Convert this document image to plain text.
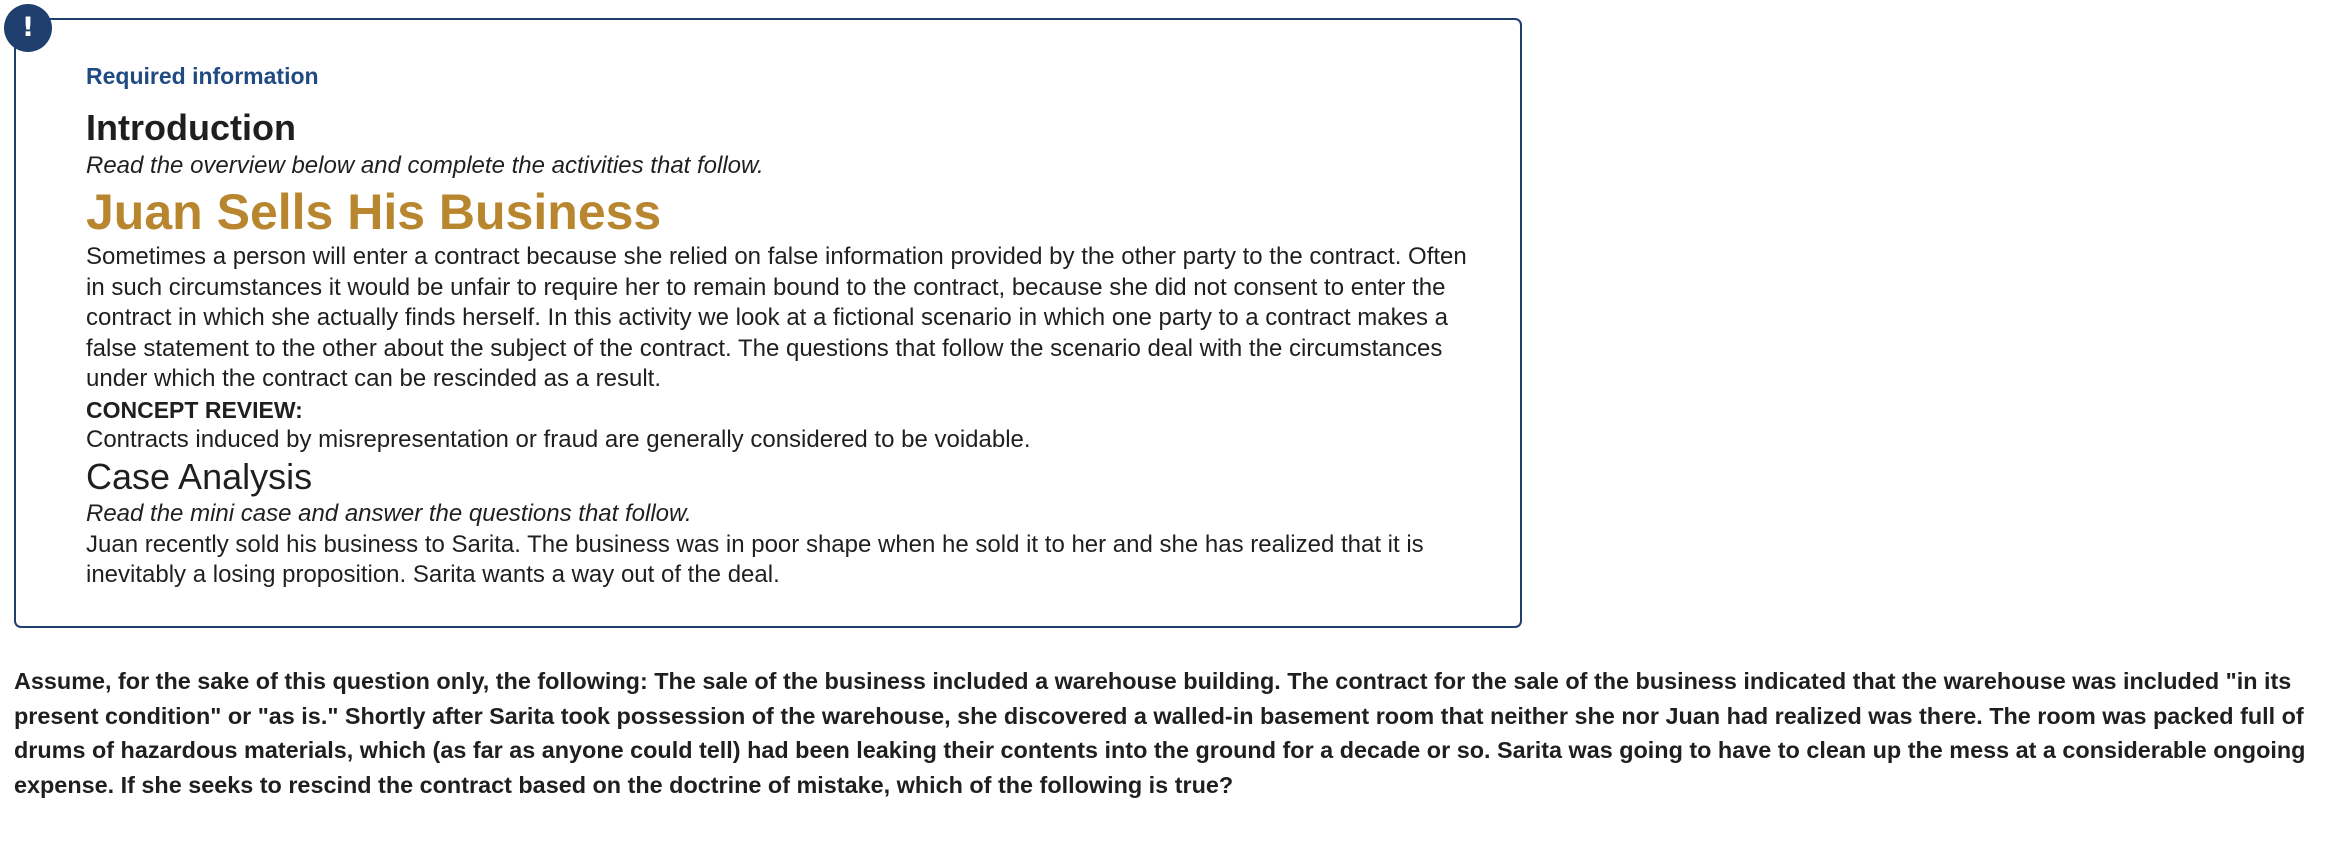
!

Required information

Introduction

Read the overview below and complete the activities that follow.

Juan Sells His Business

Sometimes a person will enter a contract because she relied on false information provided by the other party to the contract. Often in such circumstances it would be unfair to require her to remain bound to the contract, because she did not consent to enter the contract in which she actually finds herself. In this activity we look at a fictional scenario in which one party to a contract makes a false statement to the other about the subject of the contract. The questions that follow the scenario deal with the circumstances under which the contract can be rescinded as a result.

CONCEPT REVIEW:

Contracts induced by misrepresentation or fraud are generally considered to be voidable.

Case Analysis

Read the mini case and answer the questions that follow.

Juan recently sold his business to Sarita. The business was in poor shape when he sold it to her and she has realized that it is inevitably a losing proposition. Sarita wants a way out of the deal.

Assume, for the sake of this question only, the following: The sale of the business included a warehouse building. The contract for the sale of the business indicated that the warehouse was included "in its present condition" or "as is." Shortly after Sarita took possession of the warehouse, she discovered a walled-in basement room that neither she nor Juan had realized was there. The room was packed full of drums of hazardous materials, which (as far as anyone could tell) had been leaking their contents into the ground for a decade or so. Sarita was going to have to clean up the mess at a considerable ongoing expense. If she seeks to rescind the contract based on the doctrine of mistake, which of the following is true?
